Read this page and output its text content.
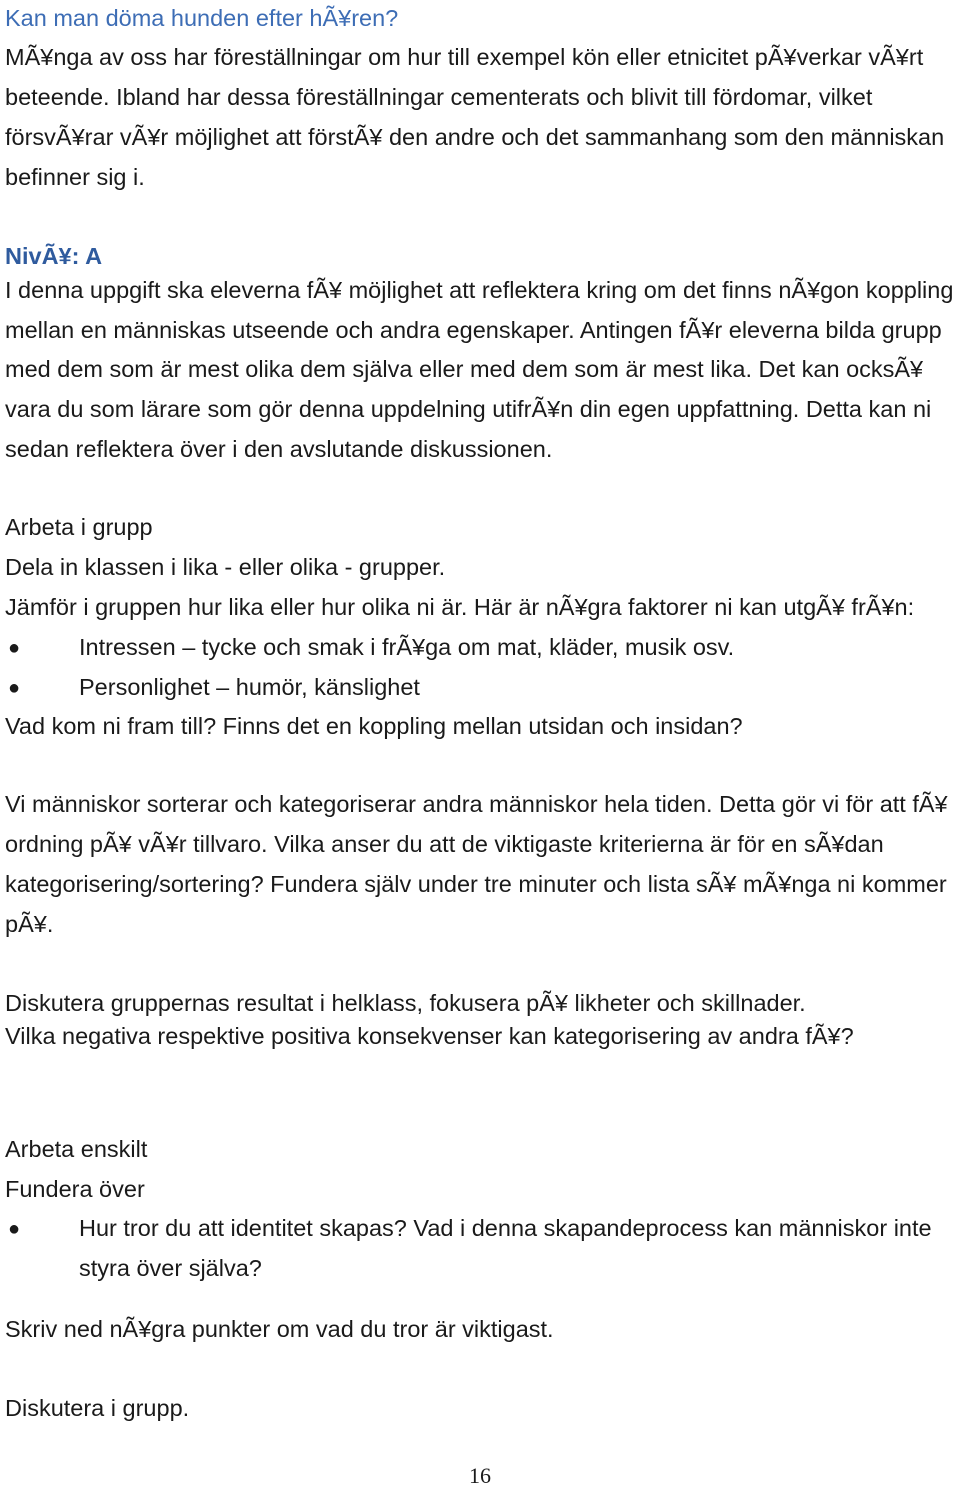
Kan man döma hunden efter hÃ¥ren?
MÃ¥nga av oss har föreställningar om hur till exempel kön eller etnicitet pÃ¥verkar vÃ¥rt
beteende. Ibland har dessa föreställningar cementerats och blivit till fördomar, vilket
försvÃ¥rar vÃ¥r möjlighet att förstÃ¥ den andre och det sammanhang som den människan
befinner sig i.
NivÃ¥: A
I denna uppgift ska eleverna fÃ¥ möjlighet att reflektera kring om det finns nÃ¥gon koppling
mellan en människas utseende och andra egenskaper. Antingen fÃ¥r eleverna bilda grupp
med dem som är mest olika dem själva eller med dem som är mest lika. Det kan ocksÃ¥
vara du som lärare som gör denna uppdelning utifrÃ¥n din egen uppfattning. Detta kan ni
sedan reflektera över i den avslutande diskussionen.
Arbeta i grupp
Dela in klassen i lika - eller olika - grupper.
Jämför i gruppen hur lika eller hur olika ni är. Här är nÃ¥gra faktorer ni kan utgÃ¥ frÃ¥n:
●	Intressen – tycke och smak i frÃ¥ga om mat, kläder, musik osv.
●	Personlighet – humör, känslighet
Vad kom ni fram till? Finns det en koppling mellan utsidan och insidan?
Vi människor sorterar och kategoriserar andra människor hela tiden. Detta gör vi för att fÃ¥
ordning pÃ¥ vÃ¥r tillvaro. Vilka anser du att de viktigaste kriterierna är för en sÃ¥dan
kategorisering/sortering? Fundera själv under tre minuter och lista sÃ¥ mÃ¥nga ni kommer
pÃ¥.
Diskutera gruppernas resultat i helklass, fokusera pÃ¥ likheter och skillnader.
Vilka negativa respektive positiva konsekvenser kan kategorisering av andra fÃ¥?
Arbeta enskilt
Fundera över
●	Hur tror du att identitet skapas? Vad i denna skapandeprocess kan människor inte
styra över själva?
Skriv ned nÃ¥gra punkter om vad du tror är viktigast.
Diskutera i grupp.
16
